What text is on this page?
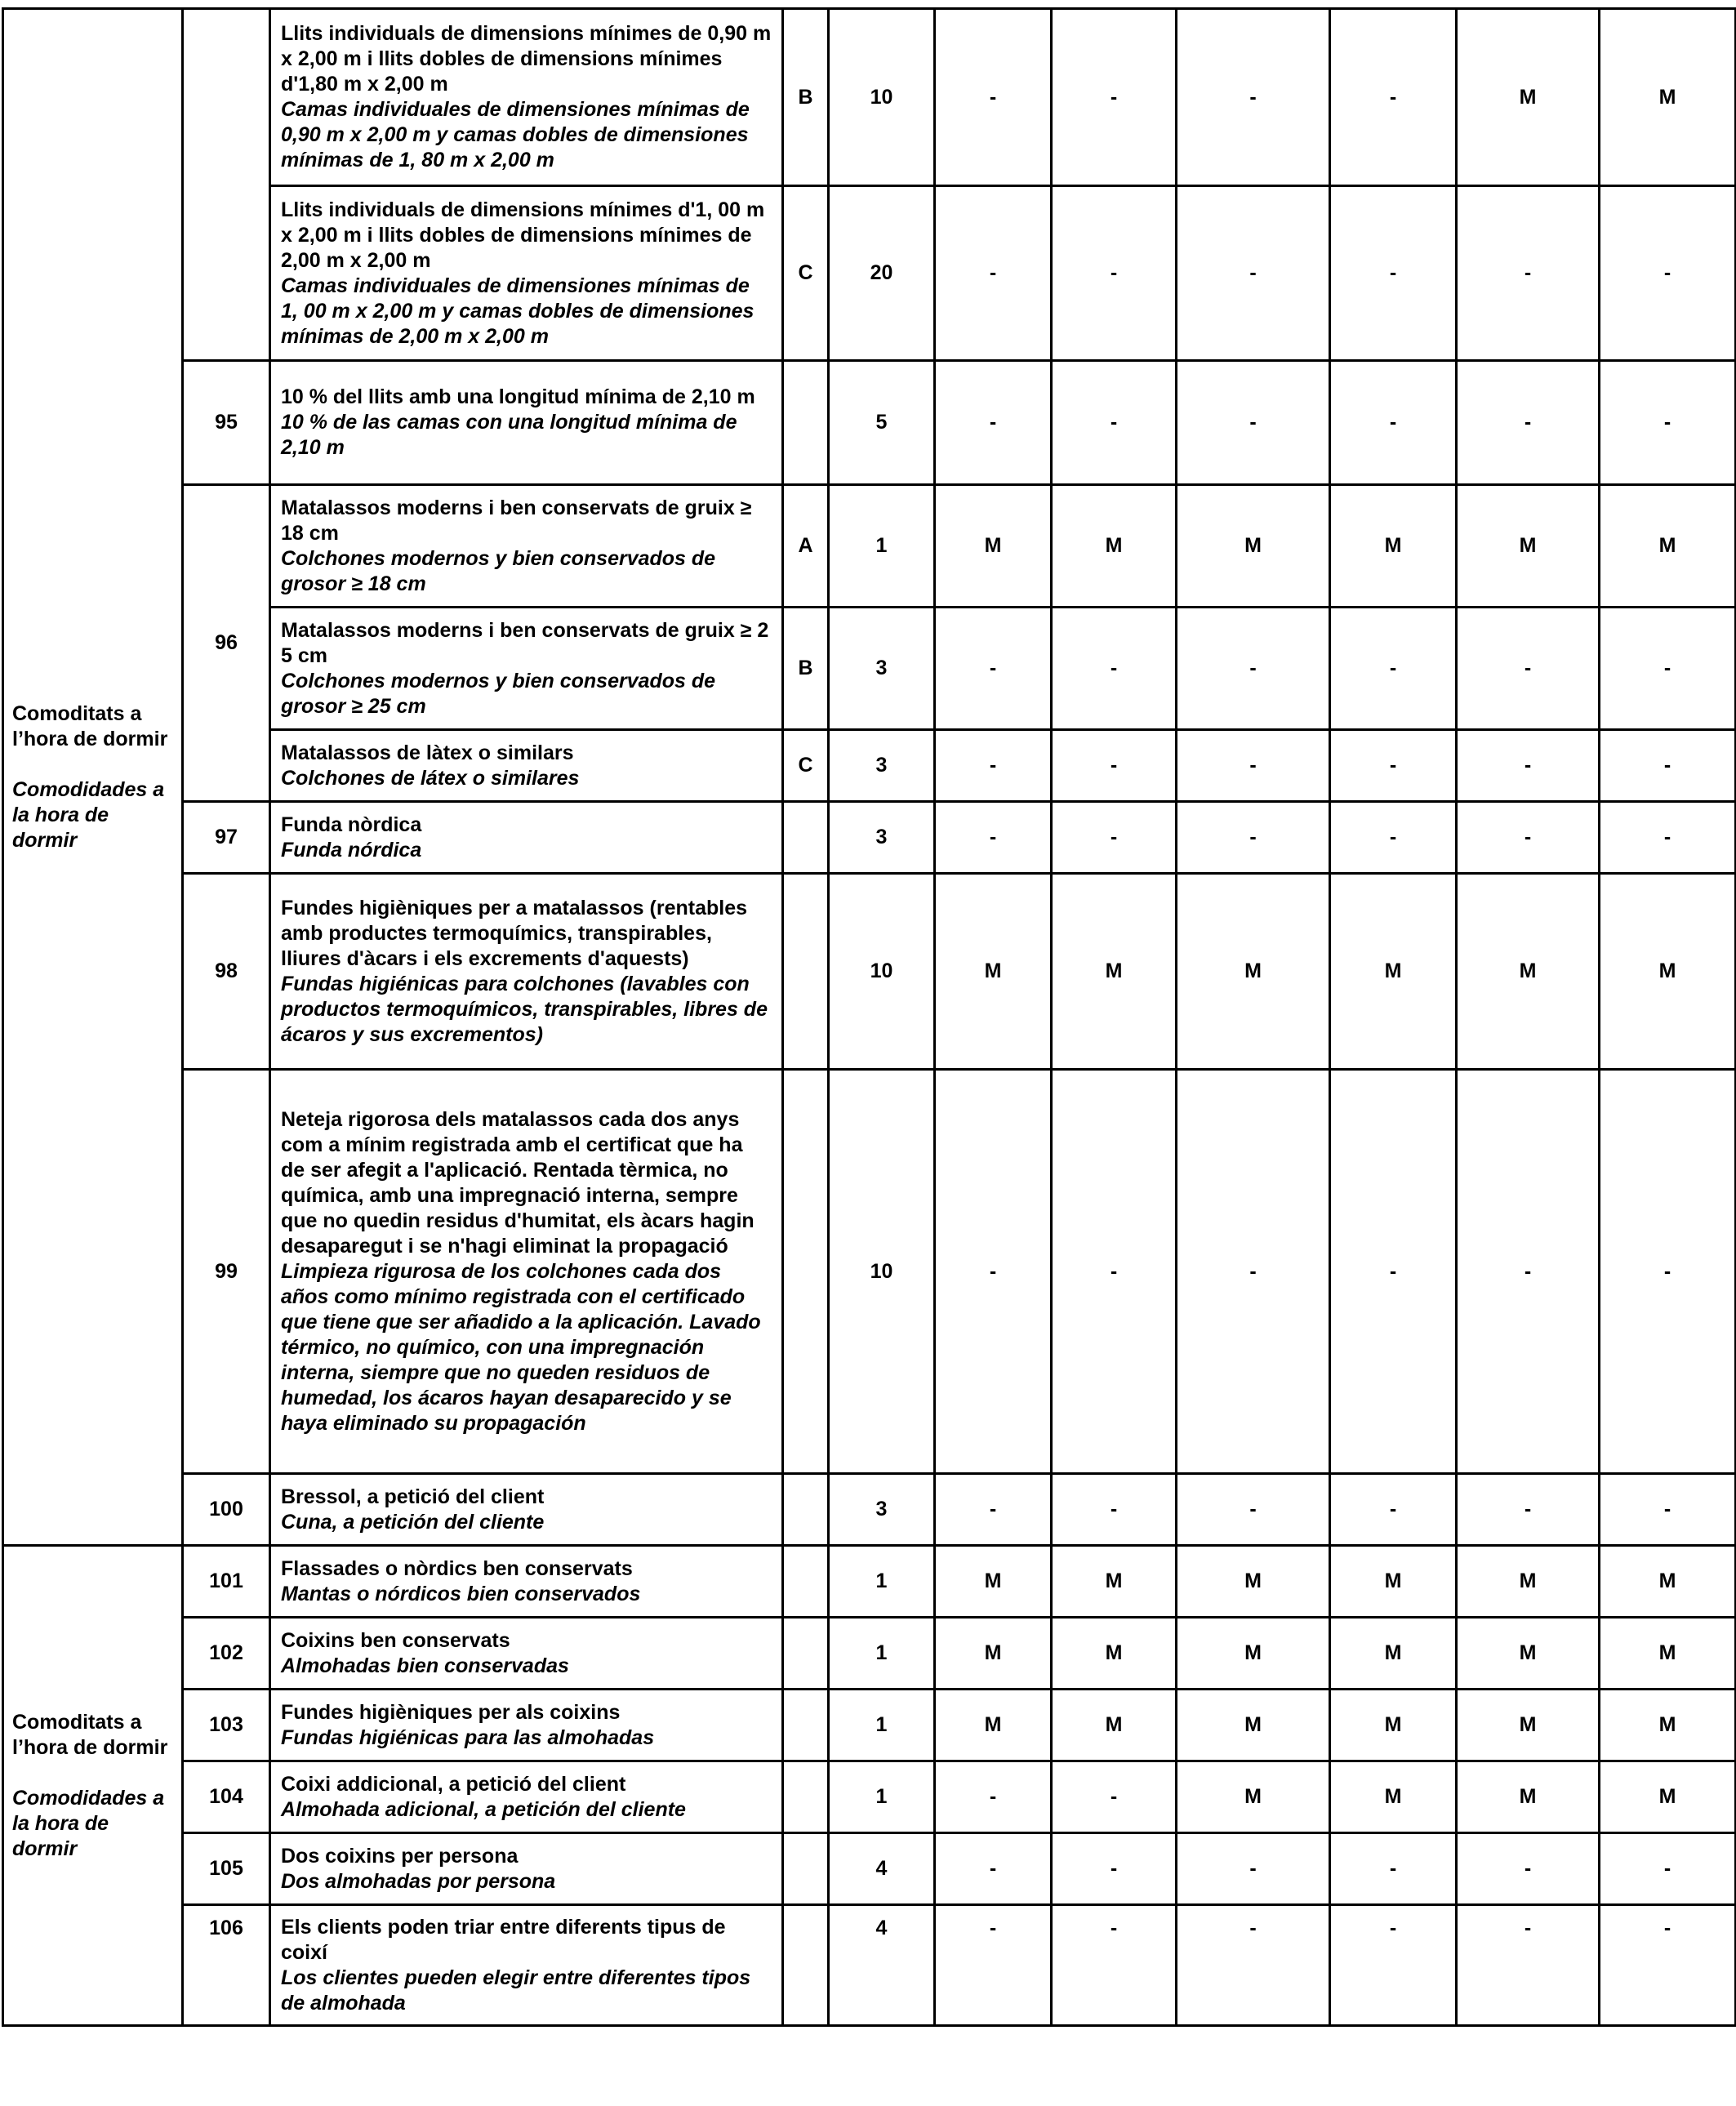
Comoditats a l’hora de dormir
Comodidades a la hora de dormir		Llits individuals de dimensions mínimes de 0,90 m x 2,00 m i llits dobles de dimensions mínimes d'1,80 m x 2,00 m
Camas individuales de dimensiones mínimas de 0,90 m x 2,00 m y camas dobles de dimensiones mínimas de 1, 80 m x 2,00 m	B	10	-	-	-	-	M	M

		Llits individuals de dimensions mínimes d'1, 00 m x 2,00 m i llits dobles de dimensions mínimes de 2,00 m x 2,00 m
Camas individuales de dimensiones mínimas de 1, 00 m x 2,00 m y camas dobles de dimensiones mínimas de 2,00 m x 2,00 m	C	20	-	-	-	-	-	-
	95	10 % del llits amb una longitud mínima de 2,10 m
10 % de las camas con una longitud mínima de 2,10 m		5	-	-	-	-	-	-
	96	Matalassos moderns i ben conservats de gruix ≥ 18 cm
Colchones modernos y bien conservados de grosor ≥ 18 cm	A	1	M	M	M	M	M	M

		Matalassos moderns i ben conservats de gruix ≥ 2 5 cm
Colchones modernos y bien conservados de grosor ≥ 25 cm	B	3	-	-	-	-	-	-

		Matalassos de làtex o similars
Colchones de látex o similares	C	3	-	-	-	-	-	-
	97	Funda nòrdica
Funda nórdica		3	-	-	-	-	-	-
	98	Fundes higièniques per a matalassos (rentables amb productes termoquímics, transpirables, lliures d'àcars i els excrements d'aquests)
Fundas higiénicas para colchones (lavables con productos termoquímicos, transpirables, libres de ácaros y sus excrementos)		10	M	M	M	M	M	M
	99	Neteja rigorosa dels matalassos cada dos anys com a mínim registrada amb el certificat que ha de ser afegit a l'aplicació. Rentada tèrmica, no química, amb una impregnació interna, sempre que no quedin residus d'humitat, els àcars hagin desaparegut i se n'hagi eliminat la propagació
Limpieza rigurosa de los colchones cada dos años como mínimo registrada con el certificado que tiene que ser añadido a la aplicación. Lavado térmico, no químico, con una impregnación interna, siempre que no queden residuos de humedad, los ácaros hayan desaparecido y se haya eliminado su propagación		10	-	-	-	-	-	-
	100	Bressol, a petició del client
Cuna, a petición del cliente		3	-	-	-	-	-	-

Comoditats a l’hora de dormir
Comodidades a la hora de dormir	101	Flassades o nòrdics ben conservats
Mantas o nórdicos bien conservados		1	M	M	M	M	M	M
	102	Coixins ben conservats
Almohadas bien conservadas		1	M	M	M	M	M	M
	103	Fundes higièniques per als coixins
Fundas higiénicas para las almohadas		1	M	M	M	M	M	M
	104	Coixi addicional, a petició del client
Almohada adicional, a petición del cliente		1	-	-	M	M	M	M
	105	Dos coixins per persona
Dos almohadas por persona		4	-	-	-	-	-	-
	106	Els clients poden triar entre diferents tipus de coixí
Los clientes pueden elegir entre diferentes tipos de almohada		4	-	-	-	-	-	-
